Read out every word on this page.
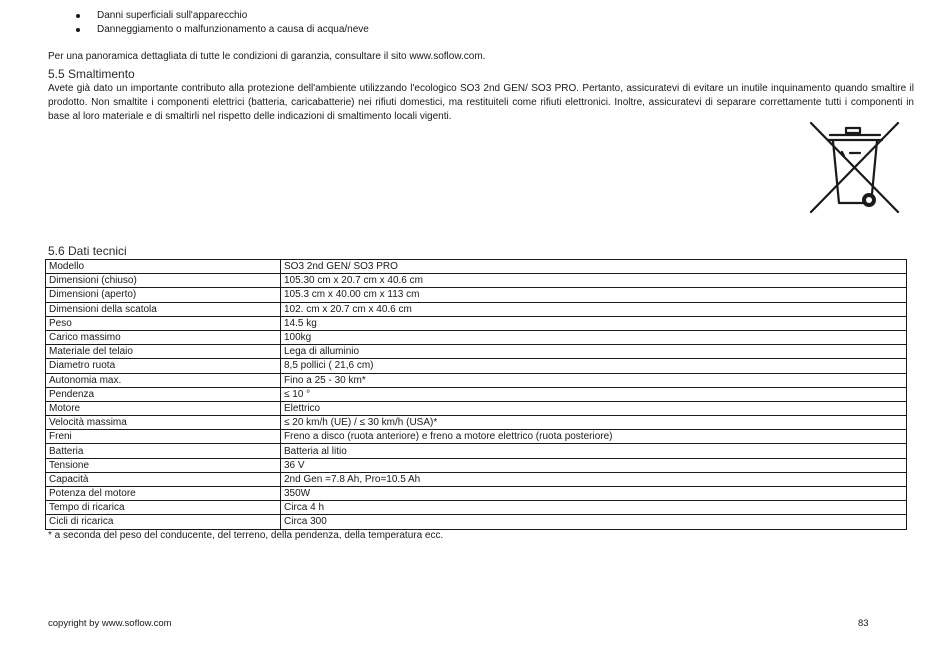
Danni superficiali sull'apparecchio
Danneggiamento o malfunzionamento a causa di acqua/neve
Per una panoramica dettagliata di tutte le condizioni di garanzia, consultare il sito www.soflow.com.
5.5 Smaltimento
Avete già dato un importante contributo alla protezione dell'ambiente utilizzando l'ecologico SO3 2nd GEN/ SO3 PRO. Pertanto, assicuratevi di evitare un inutile inquinamento quando smaltire il prodotto. Non smaltite i componenti elettrici (batteria, caricabatterie) nei rifiuti domestici, ma restituiteli come rifiuti elettronici. Inoltre, assicuratevi di separare correttamente tutti i componenti in base al loro materiale e di smaltirli nel rispetto delle indicazioni di smaltimento locali vigenti.
5.6 Dati tecnici
Modello	SO3 2nd GEN/ SO3 PRO
Dimensioni (chiuso)	105.30 cm x 20.7 cm x 40.6 cm
Dimensioni (aperto)	105.3 cm x 40.00 cm x 113 cm
Dimensioni della scatola	102. cm x 20.7 cm x 40.6 cm
Peso	14.5 kg
Carico massimo	100kg
Materiale del telaio	Lega di alluminio
Diametro ruota	8,5 pollici ( 21,6 cm)
Autonomia max.	Fino a 25 - 30 km*
Pendenza	≤ 10 °
Motore	Elettrico
Velocità massima	≤ 20 km/h (UE) / ≤ 30 km/h (USA)*
Freni	Freno a disco (ruota anteriore) e freno a motore elettrico (ruota posteriore)
Batteria	Batteria al litio
Tensione	36 V
Capacità	2nd Gen =7.8 Ah, Pro=10.5 Ah
Potenza del motore	350W
Tempo di ricarica	Circa 4 h
Cicli di ricarica	Circa 300
* a seconda del peso del conducente, del terreno, della pendenza, della temperatura ecc.
copyright by www.soflow.com	83
